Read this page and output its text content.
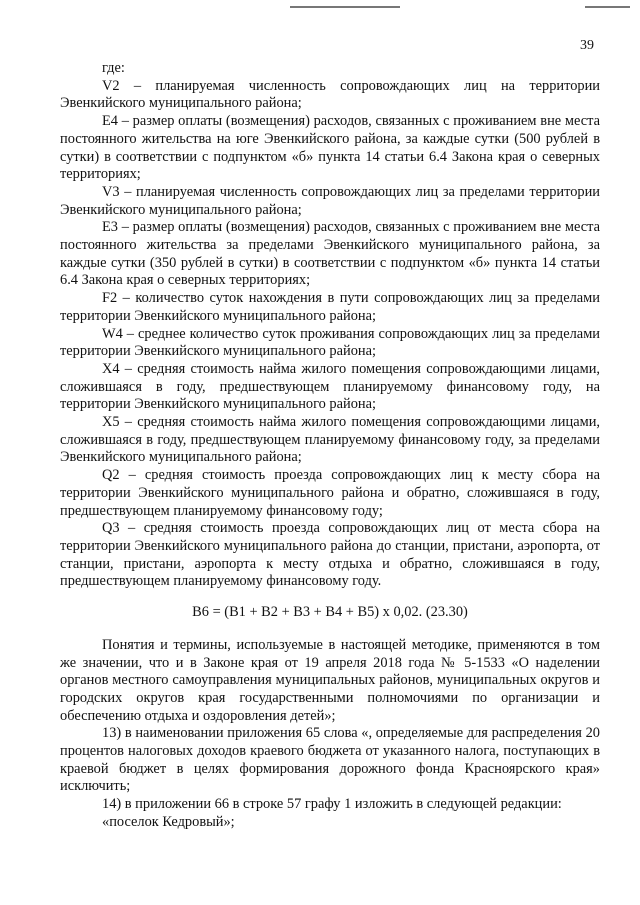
39

где:

V2 – планируемая численность сопровождающих лиц на территории Эвенкийского муниципального района;

E4 – размер оплаты (возмещения) расходов, связанных с проживанием вне места постоянного жительства на юге Эвенкийского района, за каждые сутки (500 рублей в сутки) в соответствии с подпунктом «б» пункта 14 статьи 6.4 Закона края о северных территориях;

V3 – планируемая численность сопровождающих лиц за пределами территории Эвенкийского муниципального района;

E3 – размер оплаты (возмещения) расходов, связанных с проживанием вне места постоянного жительства за пределами Эвенкийского муниципального района, за каждые сутки (350 рублей в сутки) в соответствии с подпунктом «б» пункта 14 статьи 6.4 Закона края о северных территориях;

F2 – количество суток нахождения в пути сопровождающих лиц за пределами территории Эвенкийского муниципального района;

W4 – среднее количество суток проживания сопровождающих лиц за пределами территории Эвенкийского муниципального района;

X4 – средняя стоимость найма жилого помещения сопровождающими лицами, сложившаяся в году, предшествующем планируемому финансовому году, на территории Эвенкийского муниципального района;

X5 – средняя стоимость найма жилого помещения сопровождающими лицами, сложившаяся в году, предшествующем планируемому финансовому году, за пределами Эвенкийского муниципального района;

Q2 – средняя стоимость проезда сопровождающих лиц к месту сбора на территории Эвенкийского муниципального района и обратно, сложившаяся в году, предшествующем планируемому финансовому году;

Q3 – средняя стоимость проезда сопровождающих лиц от места сбора на территории Эвенкийского муниципального района до станции, пристани, аэропорта, от станции, пристани, аэропорта к месту отдыха и обратно, сложившаяся в году, предшествующем планируемому финансовому году.

B6 = (B1 + B2 + B3 + B4 + B5) x 0,02. (23.30)

Понятия и термины, используемые в настоящей методике, применяются в том же значении, что и в Законе края от 19 апреля 2018 года № 5-1533 «О наделении органов местного самоуправления муниципальных районов, муниципальных округов и городских округов края государственными полномочиями по организации и обеспечению отдыха и оздоровления детей»;

13) в наименовании приложения 65 слова «, определяемые для распределения 20 процентов налоговых доходов краевого бюджета от указанного налога, поступающих в краевой бюджет в целях формирования дорожного фонда Красноярского края» исключить;

14) в приложении 66 в строке 57 графу 1 изложить в следующей редакции:

«поселок Кедровый»;
